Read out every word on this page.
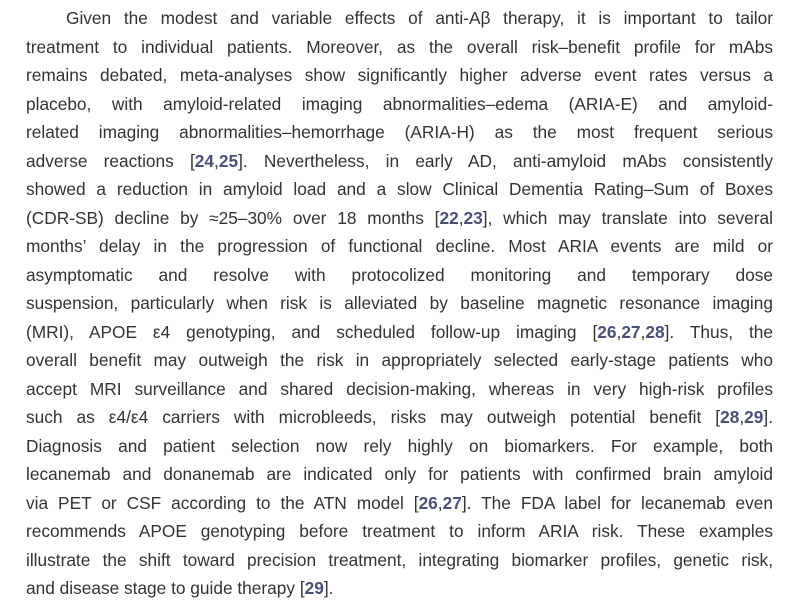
Given the modest and variable effects of anti-Aβ therapy, it is important to tailor
treatment to individual patients. Moreover, as the overall risk–benefit profile for mAbs
remains debated, meta-analyses show significantly higher adverse event rates versus a
placebo, with amyloid-related imaging abnormalities–edema (ARIA-E) and amyloid-
related imaging abnormalities–hemorrhage (ARIA-H) as the most frequent serious
adverse reactions [24,25]. Nevertheless, in early AD, anti-amyloid mAbs consistently
showed a reduction in amyloid load and a slow Clinical Dementia Rating–Sum of Boxes
(CDR-SB) decline by ≈25–30% over 18 months [22,23], which may translate into several
months’ delay in the progression of functional decline. Most ARIA events are mild or
asymptomatic and resolve with protocolized monitoring and temporary dose
suspension, particularly when risk is alleviated by baseline magnetic resonance imaging
(MRI), APOE ε4 genotyping, and scheduled follow-up imaging [26,27,28]. Thus, the
overall benefit may outweigh the risk in appropriately selected early-stage patients who
accept MRI surveillance and shared decision-making, whereas in very high-risk profiles
such as ε4/ε4 carriers with microbleeds, risks may outweigh potential benefit [28,29].
Diagnosis and patient selection now rely highly on biomarkers. For example, both
lecanemab and donanemab are indicated only for patients with confirmed brain amyloid
via PET or CSF according to the ATN model [26,27]. The FDA label for lecanemab even
recommends APOE genotyping before treatment to inform ARIA risk. These examples
illustrate the shift toward precision treatment, integrating biomarker profiles, genetic risk,
and disease stage to guide therapy [29].
